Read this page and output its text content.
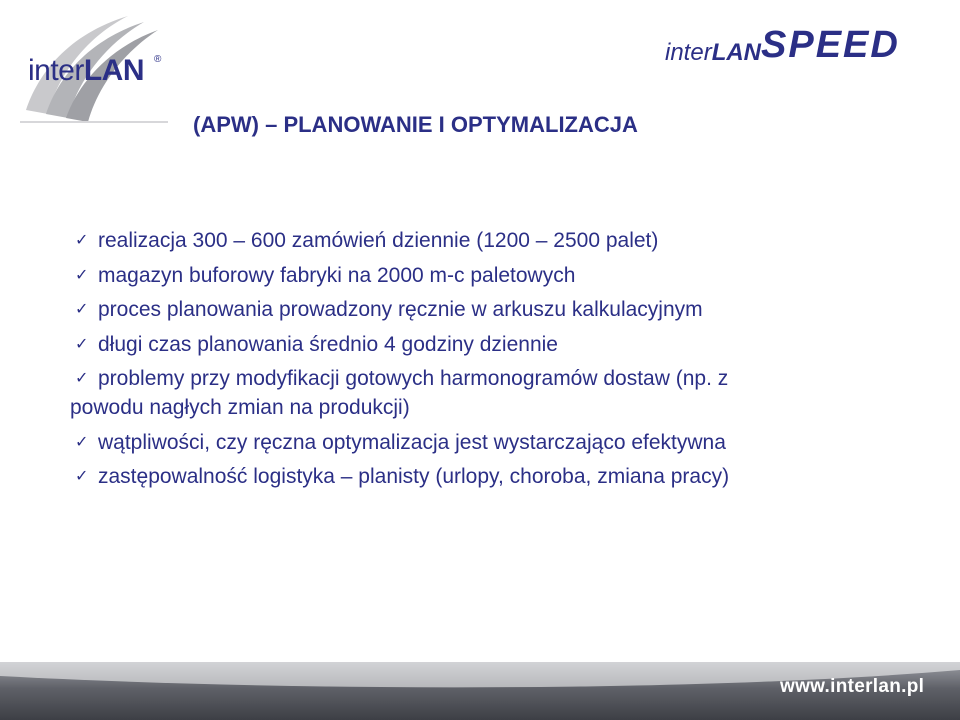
interLAN ®	interLANSPEED
(APW) – PLANOWANIE I OPTYMALIZACJA
✓ realizacja 300 – 600 zamówień dziennie (1200 – 2500 palet)
✓ magazyn buforowy fabryki na 2000 m-c paletowych
✓ proces planowania prowadzony ręcznie w arkuszu kalkulacyjnym
✓ długi czas planowania średnio 4 godziny dziennie
✓ problemy przy modyfikacji gotowych harmonogramów dostaw (np. z
powodu nagłych zmian na produkcji)
✓ wątpliwości, czy ręczna optymalizacja jest wystarczająco efektywna
✓ zastępowalność logistyka – planisty (urlopy, choroba, zmiana pracy)
www.interlan.pl
